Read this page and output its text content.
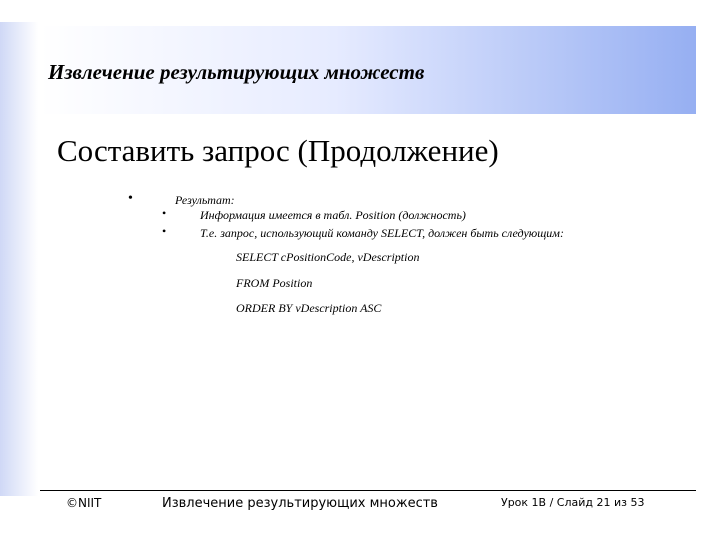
Извлечение результирующих множеств
Составить запрос (Продолжение)
•	Результат:
•	Информация имеется в табл. Position (должность)
•	Т.е. запрос, использующий команду SELECT, должен быть следующим:
SELECT cPositionCode, vDescription
FROM Position
ORDER BY vDescription ASC
©NIIT	Извлечение результирующих множеств	Урок 1B / Слайд 21 из 53
